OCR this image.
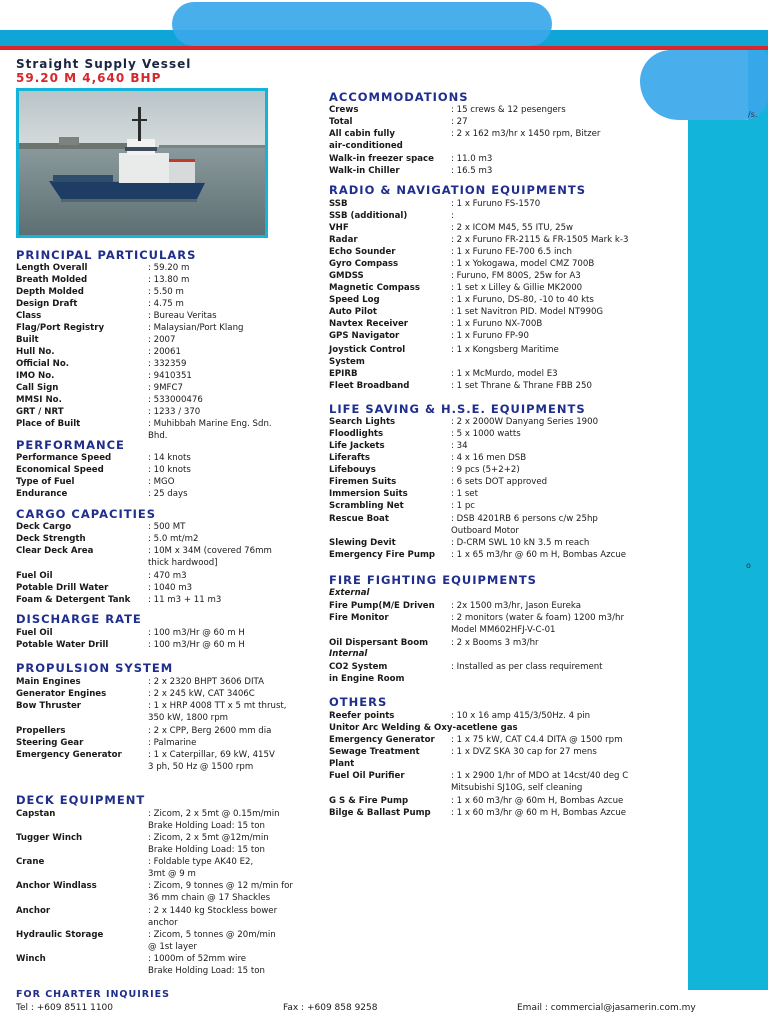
/s.
o
Straight Supply Vessel
59.20 M 4,640 BHP
PRINCIPAL PARTICULARS
Length Overall	: 59.20 m
Breath Molded	: 13.80 m
Depth Molded	: 5.50 m
Design Draft	: 4.75 m
Class	: Bureau Veritas
Flag/Port Registry	: Malaysian/Port Klang
Built	: 2007
Hull No.	: 20061
Official No.	: 332359
IMO No.	: 9410351
Call Sign	: 9MFC7
MMSI No.	: 533000476
GRT / NRT	: 1233 / 370
Place of Built	: Muhibbah Marine Eng. Sdn.
Bhd.
PERFORMANCE
Performance Speed	: 14 knots
Economical Speed	: 10 knots
Type of Fuel	: MGO
Endurance	: 25 days
CARGO CAPACITIES
Deck Cargo	: 500 MT
Deck Strength	: 5.0 mt/m2
Clear Deck Area	: 10M x 34M (covered 76mm
thick hardwood]
Fuel Oil	: 470 m3
Potable Drill Water	: 1040 m3
Foam & Detergent Tank : 11 m3 + 11 m3
DISCHARGE RATE
Fuel Oil	: 100 m3/Hr @ 60 m H
Potable Water Drill	: 100 m3/Hr @ 60 m H
PROPULSION SYSTEM
Main Engines	: 2 x 2320 BHPT 3606 DITA
Generator Engines	: 2 x 245 kW, CAT 3406C
Bow Thruster	: 1 x HRP 4008 TT x 5 mt thrust,
350 kW, 1800 rpm
Propellers	: 2 x CPP, Berg 2600 mm dia
Steering Gear	: Palmarine
Emergency Generator	: 1 x Caterpillar, 69 kW, 415V
3 ph, 50 Hz @ 1500 rpm
DECK EQUIPMENT
Capstan	: Zicom, 2 x 5mt @ 0.15m/min
Brake Holding Load: 15 ton
Tugger Winch	: Zicom, 2 x 5mt @12m/min
Brake Holding Load: 15 ton
Crane	: Foldable type AK40 E2,
3mt @ 9 m
Anchor Windlass	: Zicom, 9 tonnes @ 12 m/min for
36 mm chain @ 17 Shackles
Anchor	: 2 x 1440 kg Stockless bower
anchor
Hydraulic Storage	: Zicom, 5 tonnes @ 20m/min
@ 1st layer
Winch	: 1000m of 52mm wire
Brake Holding Load: 15 ton
ACCOMMODATIONS
Crews	: 15 crews & 12 pesengers
Total	: 27
All cabin fully	: 2 x 162 m3/hr x 1450 rpm, Bitzer
air-conditioned
Walk-in freezer space : 11.0 m3
Walk-in Chiller	: 16.5 m3
RADIO & NAVIGATION EQUIPMENTS
SSB	: 1 x Furuno FS-1570
SSB (additional)	:
VHF	: 2 x ICOM M45, 55 ITU, 25w
Radar	: 2 x Furuno FR-2115 & FR-1505 Mark k-3
Echo Sounder	: 1 x Furuno FE-700 6.5 inch
Gyro Compass	: 1 x Yokogawa, model CMZ 700B
GMDSS	: Furuno, FM 800S, 25w for A3
Magnetic Compass	: 1 set x Lilley & Gillie MK2000
Speed Log	: 1 x Furuno, DS-80, -10 to 40 kts
Auto Pilot	: 1 set Navitron PID. Model NT990G
Navtex Receiver	: 1 x Furuno NX-700B
GPS Navigator	: 1 x Furuno FP-90
Joystick Control	: 1 x Kongsberg Maritime
System
EPIRB	: 1 x McMurdo, model E3
Fleet Broadband	: 1 set Thrane & Thrane FBB 250
LIFE SAVING & H.S.E. EQUIPMENTS
Search Lights	: 2 x 2000W Danyang Series 1900
Floodlights	: 5 x 1000 watts
Life Jackets	: 34
Liferafts	: 4 x 16 men DSB
Lifebouys	: 9 pcs (5+2+2)
Firemen Suits	: 6 sets DOT approved
Immersion Suits	: 1 set
Scrambling Net	: 1 pc
Rescue Boat	: DSB 4201RB 6 persons c/w 25hp
Outboard Motor
Slewing Devit	: D-CRM SWL 10 kN 3.5 m reach
Emergency Fire Pump : 1 x 65 m3/hr @ 60 m H, Bombas Azcue
FIRE FIGHTING EQUIPMENTS
External
Fire Pump(M/E Driven : 2x 1500 m3/hr, Jason Eureka
Fire Monitor	: 2 monitors (water & foam) 1200 m3/hr
Model MM602HFJ-V-C-01
Oil Dispersant Boom	: 2 x Booms 3 m3/hr
Internal
CO2 System	: Installed as per class requirement
in Engine Room
OTHERS
Reefer points	: 10 x 16 amp 415/3/50Hz. 4 pin
Unitor Arc Welding & Oxy-acetlene gas
Emergency Generator : 1 x 75 kW, CAT C4.4 DITA @ 1500 rpm
Sewage Treatment	: 1 x DVZ SKA 30 cap for 27 mens
Plant
Fuel Oil Purifier	: 1 x 2900 1/hr of MDO at 14cst/40 deg C
Mitsubishi SJ10G, self cleaning
G S & Fire Pump	: 1 x 60 m3/hr @ 60m H, Bombas Azcue
Bilge & Ballast Pump : 1 x 60 m3/hr @ 60 m H, Bombas Azcue
FOR CHARTER INQUIRIES
Tel : +609 8511 1100	Fax : +609 858 9258	Email : commercial@jasamerin.com.my
